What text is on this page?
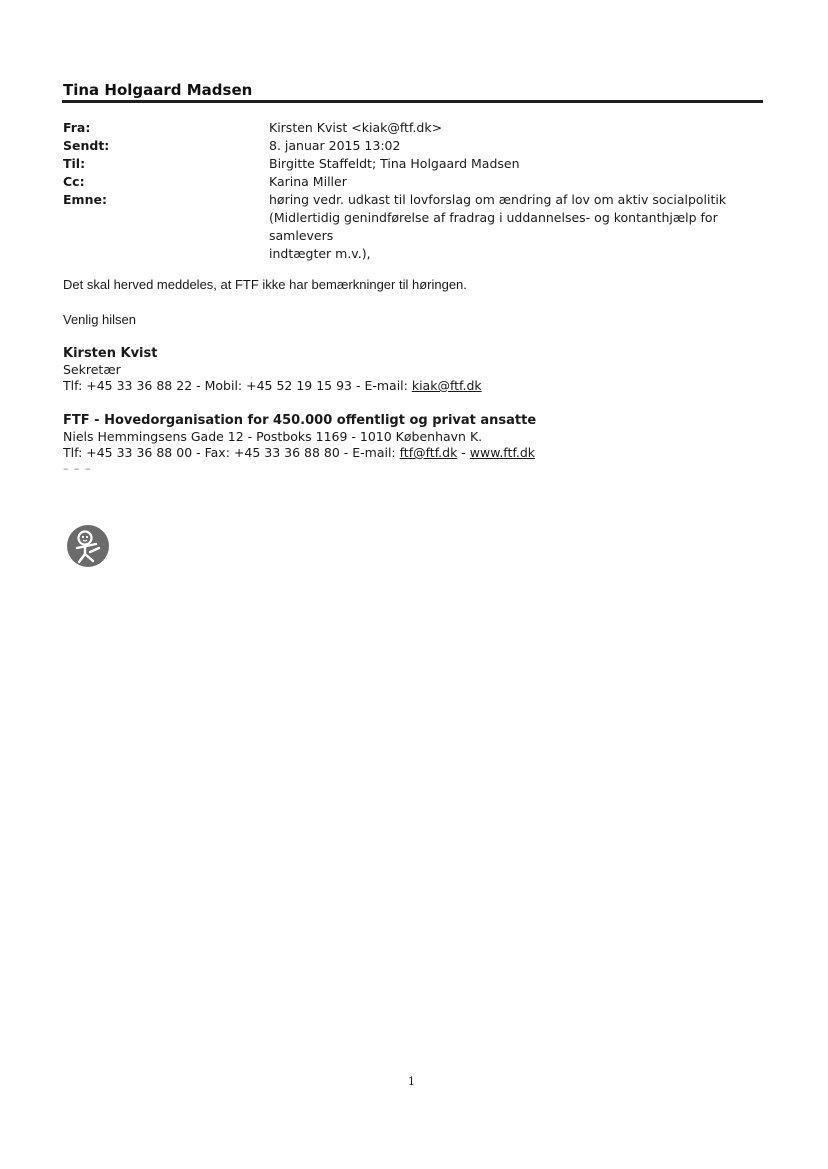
Tina Holgaard Madsen
Fra:	Kirsten Kvist <kiak@ftf.dk>
Sendt:	8. januar 2015 13:02
Til:	Birgitte Staffeldt; Tina Holgaard Madsen
Cc:	Karina Miller
Emne:	høring vedr. udkast til lovforslag om ændring af lov om aktiv socialpolitik
(Midlertidig genindførelse af fradrag i uddannelses- og kontanthjælp for samlevers
indtægter m.v.),
Det skal herved meddeles, at FTF ikke har bemærkninger til høringen.
Venlig hilsen
Kirsten Kvist
Sekretær
Tlf: +45 33 36 88 22 - Mobil: +45 52 19 15 93 - E-mail: kiak@ftf.dk
FTF - Hovedorganisation for 450.000 offentligt og privat ansatte
Niels Hemmingsens Gade 12 - Postboks 1169 - 1010 København K.
Tlf: +45 33 36 88 00 - Fax: +45 33 36 88 80 - E-mail: ftf@ftf.dk - www.ftf.dk
– – –
1
